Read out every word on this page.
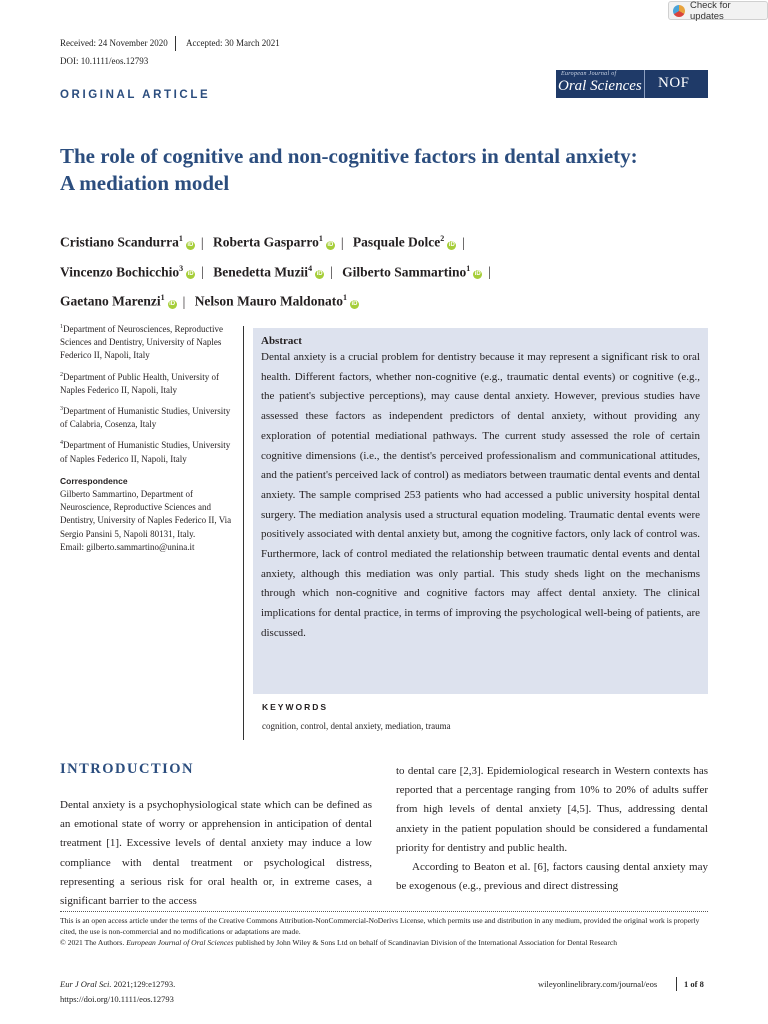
Check for updates
Received: 24 November 2020 Accepted: 30 March 2021
DOI: 10.1111/eos.12793
ORIGINAL ARTICLE
European Journal of
Oral Sciences NOF
The role of cognitive and non-cognitive factors in dental anxiety:
A mediation model
Cristiano Scandurra$^1$iD | Roberta Gasparro$^1$iD | Pasquale Dolce$^2$iD |
Vincenzo Bochicchio$^3$iD | Benedetta Muzii$^4$iD | Gilberto Sammartino$^1$iD |
Gaetano Marenzi$^1$iD | Nelson Mauro Maldonato$^1$iD

$^1$Department of Neurosciences, Reproductive Sciences and Dentistry, University of Naples Federico II, Napoli, Italy

$^2$Department of Public Health, University of Naples Federico II, Napoli, Italy

$^3$Department of Humanistic Studies, University of Calabria, Cosenza, Italy

$^4$Department of Humanistic Studies, University of Naples Federico II, Napoli, Italy

Correspondence
Gilberto Sammartino, Department of Neuroscience, Reproductive Sciences and Dentistry, University of Naples Federico II, Via Sergio Pansini 5, Napoli 80131, Italy.
Email: gilberto.sammartino@unina.it
Abstract
Dental anxiety is a crucial problem for dentistry because it may represent a significant risk to oral health. Different factors, whether non-cognitive (e.g., traumatic dental events) or cognitive (e.g., the patient's subjective perceptions), may cause dental anxiety. However, previous studies have assessed these factors as independent predictors of dental anxiety, without providing any exploration of potential mediational pathways. The current study assessed the role of certain cognitive dimensions (i.e., the dentist's perceived professionalism and communicational attitudes, and the patient's perceived lack of control) as mediators between traumatic dental events and dental anxiety. The sample comprised 253 patients who had accessed a public university hospital dental surgery. The mediation analysis used a structural equation modeling. Traumatic dental events were positively associated with dental anxiety but, among the cognitive factors, only lack of control was. Furthermore, lack of control mediated the relationship between traumatic dental events and dental anxiety, although this mediation was only partial. This study sheds light on the mechanisms through which non-cognitive and cognitive factors may affect dental anxiety. The clinical implications for dental practice, in terms of improving the psychological well-being of patients, are discussed.
KEYWORDS
cognition, control, dental anxiety, mediation, trauma
INTRODUCTION
Dental anxiety is a psychophysiological state which can be defined as an emotional state of worry or apprehension in anticipation of dental treatment [1]. Excessive levels of dental anxiety may induce a low compliance with dental treatment or psychological distress, representing a serious risk for oral health or, in extreme cases, a significant barrier to the access
to dental care [2,3]. Epidemiological research in Western contexts has reported that a percentage ranging from 10% to 20% of adults suffer from high levels of dental anxiety [4,5]. Thus, addressing dental anxiety in the patient population should be considered a fundamental priority for dentistry and public health.
According to Beaton et al. [6], factors causing dental anxiety may be exogenous (e.g., previous and direct distressing
This is an open access article under the terms of the Creative Commons Attribution-NonCommercial-NoDerivs License, which permits use and distribution in any medium, provided the original work is properly cited, the use is non-commercial and no modifications or adaptations are made.
© 2021 The Authors. European Journal of Oral Sciences published by John Wiley & Sons Ltd on behalf of Scandinavian Division of the International Association for Dental Research
Eur J Oral Sci. 2021;129:e12793.
https://doi.org/10.1111/eos.12793
wileyonlinelibrary.com/journal/eos	1 of 8
